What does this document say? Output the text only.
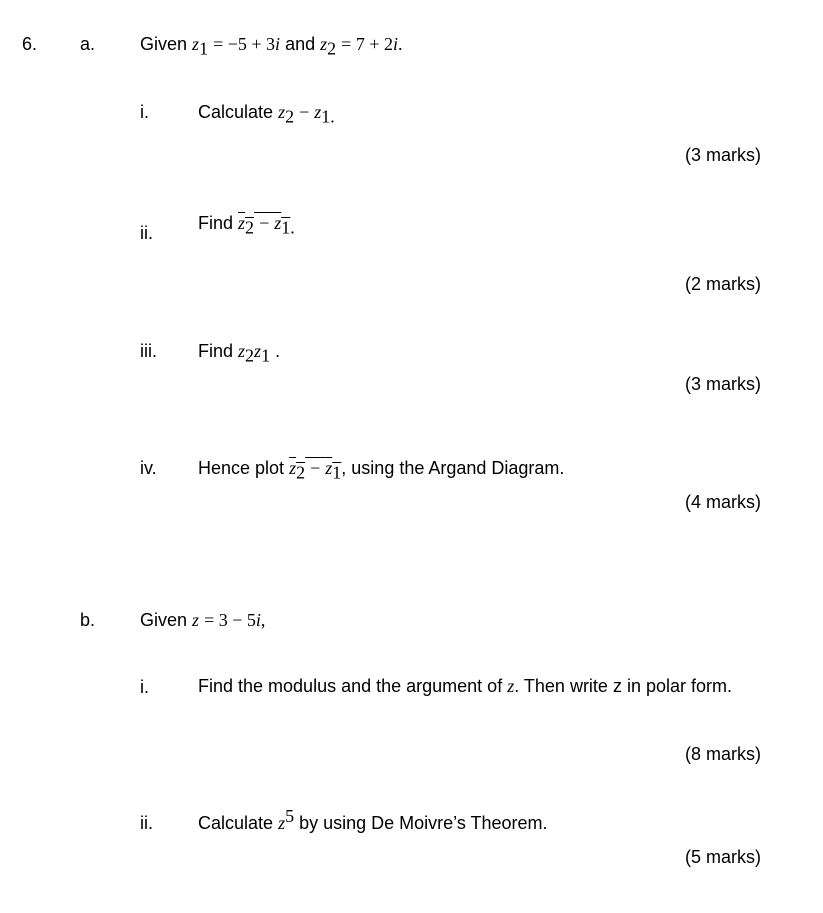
6. a. Given $z_1 = -5 + 3i$ and $z_2 = 7 + 2i$.
i.	Calculate $z_2 - z_{1.}$
(3 marks)
ii.	Find $z_2 - z_{1.}$
(2 marks)
iii. Find $z_2z_1$ .
(3 marks)
iv. Hence plot $z_2 - z_1$, using the Argand Diagram.
(4 marks)
b. Given z = 3 − 5i,
i.	Find the modulus and the argument of z. Then write z in polar form.
(8 marks)
ii.	Calculate $z^5$ by using De Moivre’s Theorem.
(5 marks)
